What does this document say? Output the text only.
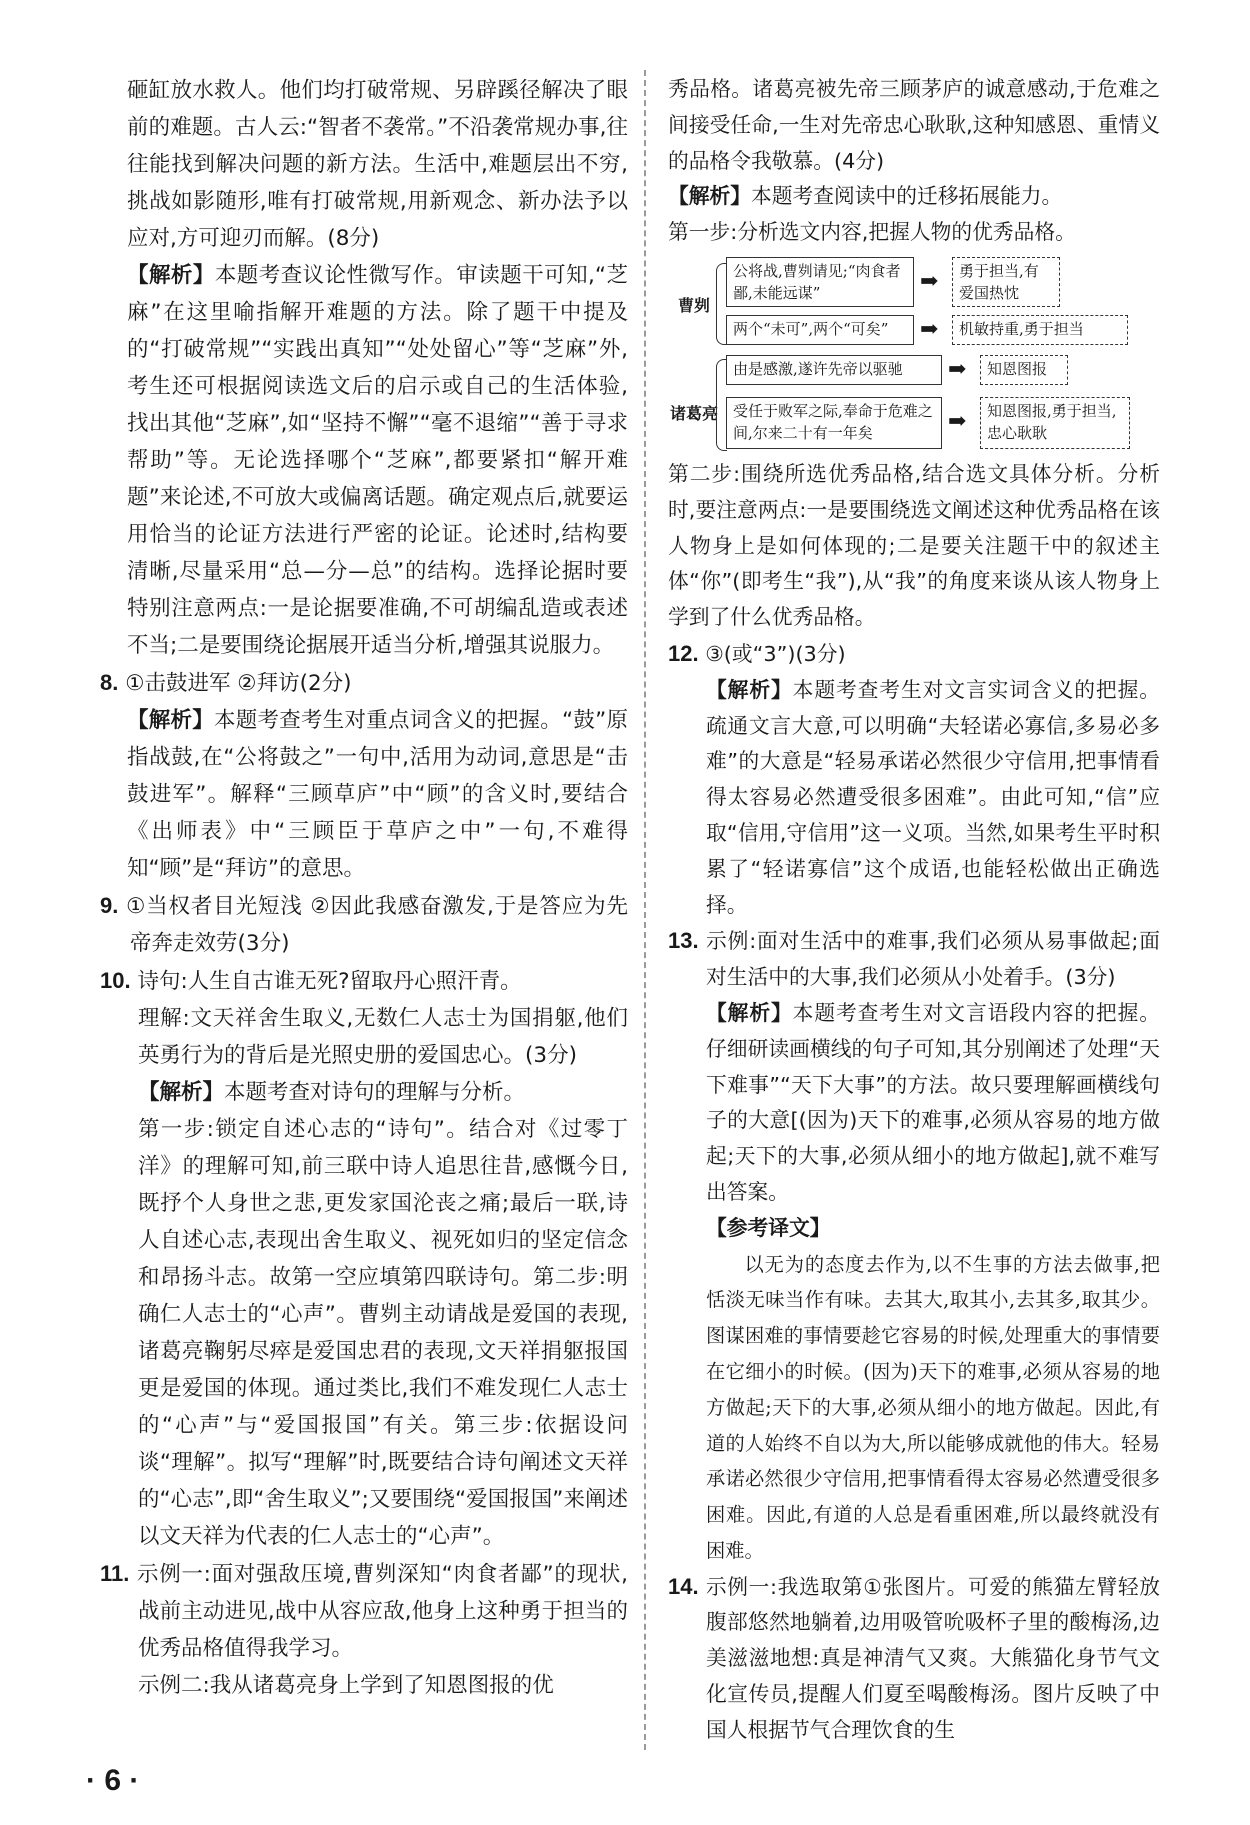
砸缸放水救人。他们均打破常规、另辟蹊径解决了眼前的难题。古人云:“智者不袭常。”不沿袭常规办事,往往能找到解决问题的新方法。生活中,难题层出不穷,挑战如影随形,唯有打破常规,用新观念、新办法予以应对,方可迎刃而解。(8分)

【解析】本题考查议论性微写作。审读题干可知,“芝麻”在这里喻指解开难题的方法。除了题干中提及的“打破常规”“实践出真知”“处处留心”等“芝麻”外,考生还可根据阅读选文后的启示或自己的生活体验,找出其他“芝麻”,如“坚持不懈”“毫不退缩”“善于寻求帮助”等。无论选择哪个“芝麻”,都要紧扣“解开难题”来论述,不可放大或偏离话题。确定观点后,就要运用恰当的论证方法进行严密的论证。论述时,结构要清晰,尽量采用“总—分—总”的结构。选择论据时要特别注意两点:一是论据要准确,不可胡编乱造或表述不当;二是要围绕论据展开适当分析,增强其说服力。

8. ①击鼓进军 ②拜访(2分)

【解析】本题考查考生对重点词含义的把握。“鼓”原指战鼓,在“公将鼓之”一句中,活用为动词,意思是“击鼓进军”。解释“三顾草庐”中“顾”的含义时,要结合《出师表》中“三顾臣于草庐之中”一句,不难得知“顾”是“拜访”的意思。

9. ①当权者目光短浅 ②因此我感奋激发,于是答应为先帝奔走效劳(3分)

10. 诗句:人生自古谁无死?留取丹心照汗青。

理解:文天祥舍生取义,无数仁人志士为国捐躯,他们英勇行为的背后是光照史册的爱国忠心。(3分)

【解析】本题考查对诗句的理解与分析。

第一步:锁定自述心志的“诗句”。结合对《过零丁洋》的理解可知,前三联中诗人追思往昔,感慨今日,既抒个人身世之悲,更发家国沦丧之痛;最后一联,诗人自述心志,表现出舍生取义、视死如归的坚定信念和昂扬斗志。故第一空应填第四联诗句。第二步:明确仁人志士的“心声”。曹刿主动请战是爱国的表现,诸葛亮鞠躬尽瘁是爱国忠君的表现,文天祥捐躯报国更是爱国的体现。通过类比,我们不难发现仁人志士的“心声”与“爱国报国”有关。第三步:依据设问谈“理解”。拟写“理解”时,既要结合诗句阐述文天祥的“心志”,即“舍生取义”;又要围绕“爱国报国”来阐述以文天祥为代表的仁人志士的“心声”。

11. 示例一:面对强敌压境,曹刿深知“肉食者鄙”的现状,战前主动进见,战中从容应敌,他身上这种勇于担当的优秀品格值得我学习。

示例二:我从诸葛亮身上学到了知恩图报的优

秀品格。诸葛亮被先帝三顾茅庐的诚意感动,于危难之间接受任命,一生对先帝忠心耿耿,这种知感恩、重情义的品格令我敬慕。(4分)

【解析】本题考查阅读中的迁移拓展能力。

第一步:分析选文内容,把握人物的优秀品格。

曹刿
公将战,曹刿请见;“肉食者鄙,未能远谋”	➡	勇于担当,有爱国热忱
两个“未可”,两个“可矣”	➡	机敏持重,勇于担当
诸葛亮
由是感激,遂许先帝以驱驰	➡	知恩图报
受任于败军之际,奉命于危难之间,尔来二十有一年矣	➡	知恩图报,勇于担当,忠心耿耿

第二步:围绕所选优秀品格,结合选文具体分析。分析时,要注意两点:一是要围绕选文阐述这种优秀品格在该人物身上是如何体现的;二是要关注题干中的叙述主体“你”(即考生“我”),从“我”的角度来谈从该人物身上学到了什么优秀品格。

12. ③(或“3”)(3分)

【解析】本题考查考生对文言实词含义的把握。疏通文言大意,可以明确“夫轻诺必寡信,多易必多难”的大意是“轻易承诺必然很少守信用,把事情看得太容易必然遭受很多困难”。由此可知,“信”应取“信用,守信用”这一义项。当然,如果考生平时积累了“轻诺寡信”这个成语,也能轻松做出正确选择。

13. 示例:面对生活中的难事,我们必须从易事做起;面对生活中的大事,我们必须从小处着手。(3分)

【解析】本题考查考生对文言语段内容的把握。仔细研读画横线的句子可知,其分别阐述了处理“天下难事”“天下大事”的方法。故只要理解画横线句子的大意[(因为)天下的难事,必须从容易的地方做起;天下的大事,必须从细小的地方做起],就不难写出答案。

【参考译文】

以无为的态度去作为,以不生事的方法去做事,把恬淡无味当作有味。去其大,取其小,去其多,取其少。图谋困难的事情要趁它容易的时候,处理重大的事情要在它细小的时候。(因为)天下的难事,必须从容易的地方做起;天下的大事,必须从细小的地方做起。因此,有道的人始终不自以为大,所以能够成就他的伟大。轻易承诺必然很少守信用,把事情看得太容易必然遭受很多困难。因此,有道的人总是看重困难,所以最终就没有困难。

14. 示例一:我选取第①张图片。可爱的熊猫左臂轻放腹部悠然地躺着,边用吸管吮吸杯子里的酸梅汤,边美滋滋地想:真是神清气又爽。大熊猫化身节气文化宣传员,提醒人们夏至喝酸梅汤。图片反映了中国人根据节气合理饮食的生

· 6 ·
